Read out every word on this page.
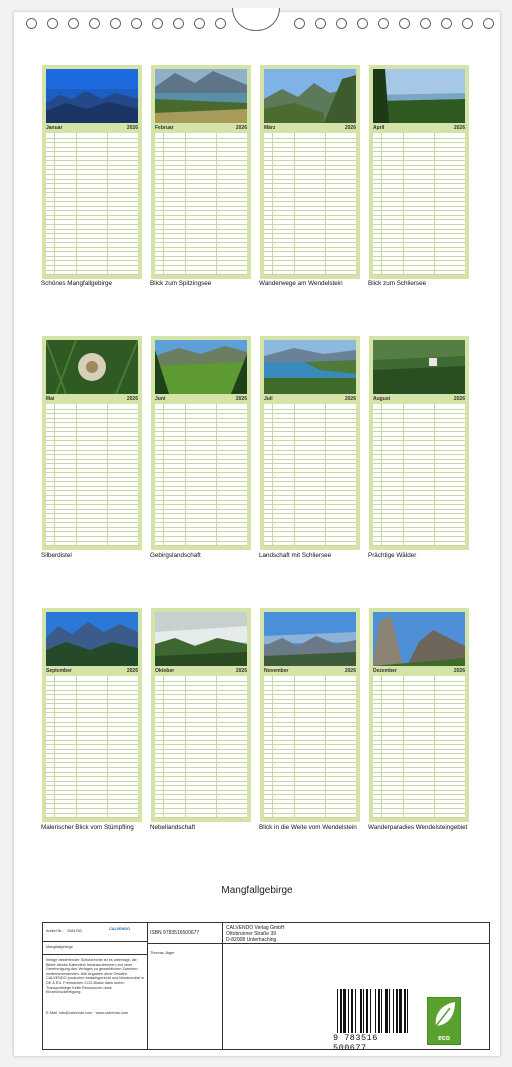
Januar	2026
Schönes Mangfallgebirge
Februar	2026
Blick zum Spitzingsee
März	2026
Wanderwege am Wendelstein
April	2026
Blick zum Schliersee
Mai	2026
Silberdistel
Juni	2026
Gebirgslandschaft
Juli	2026
Landschaft mit Schliersee
August	2026
Prächtige Wälder
September	2026
Malerischer Blick vom Stümpfling
Oktober	2026
Nebellandschaft
November	2026
Blick in die Weite vom Wendelstein
Dezember	2026
Wanderparadies Wendelsteingebiet
Mangfallgebirge
Artikel Nr.: 2084760	CALVENDO
Mangfallgebirge
Infolge bestehender Schutzrechte ist es untersagt, die Bilder dieses Kalenders herauszutrennen und ohne Genehmigung des Verlages zu gewerblichen Zwecken weiterzuverwenden. Alle Angaben ohne Gewähr. CALVENDO produziert bedarfsgerecht und klimaneutral in DE & EU. Freimachen CO2-Bilanz dank sorter-Transportwege Kette Ressourcen dank Einzeldruckfertigung.
E-Mail: info@calvendo.com · www.calvendo.com
ISBN 9783516500677
Thomas Jäger
CALVENDO Verlag GmbH
Ottobrunner Straße 39
D-82008 Unterhaching
9 783516 500677
eco
